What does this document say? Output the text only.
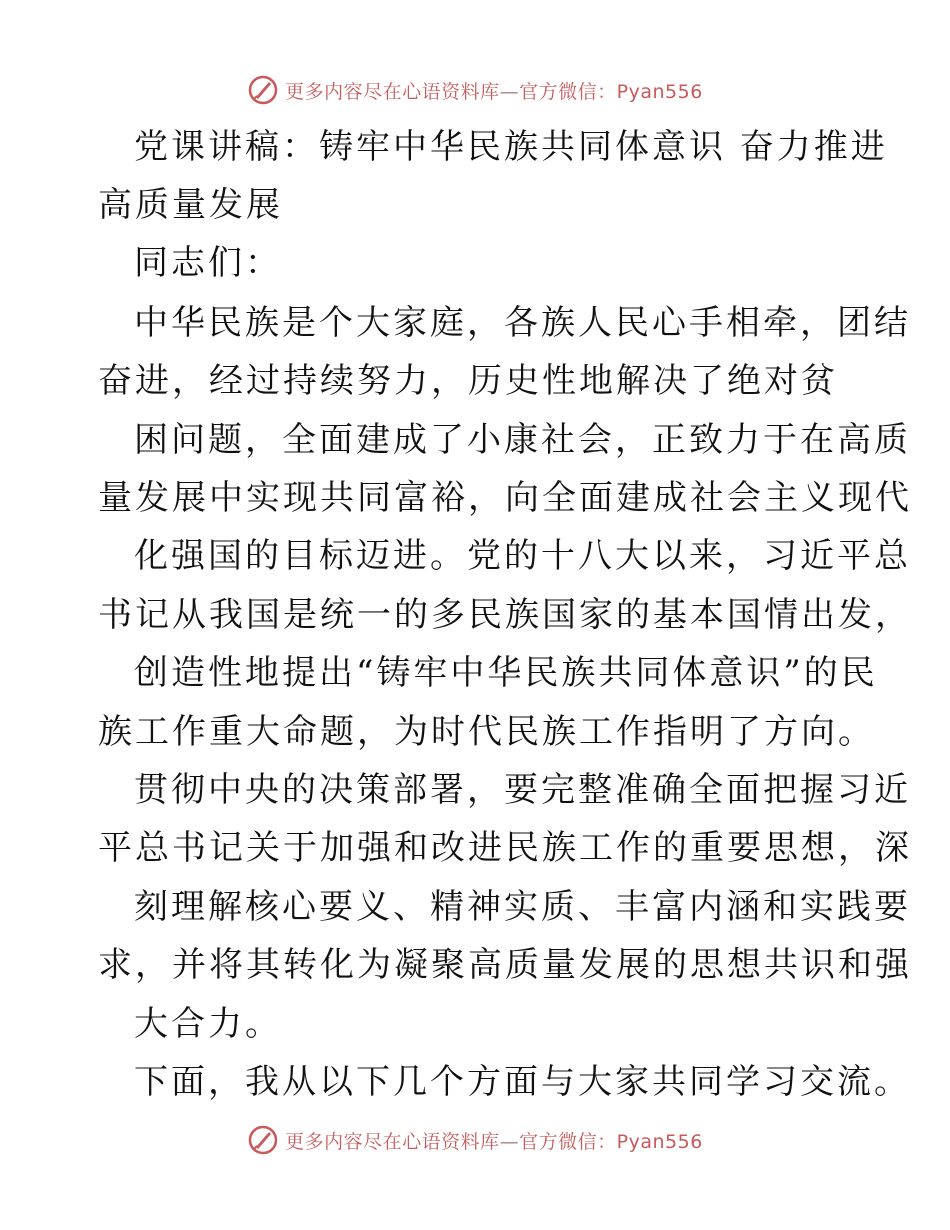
更多内容尽在心语资料库—官方微信：Pyan556
党课讲稿：铸牢中华民族共同体意识 奋力推进
高质量发展
同志们：
中华民族是个大家庭，各族人民心手相牵，团结
奋进，经过持续努力，历史性地解决了绝对贫
困问题，全面建成了小康社会，正致力于在高质
量发展中实现共同富裕，向全面建成社会主义现代
化强国的目标迈进。党的十八大以来，习近平总
书记从我国是统一的多民族国家的基本国情出发，
创造性地提出“铸牢中华民族共同体意识”的民
族工作重大命题，为时代民族工作指明了方向。
贯彻中央的决策部署，要完整准确全面把握习近
平总书记关于加强和改进民族工作的重要思想，深
刻理解核心要义、精神实质、丰富内涵和实践要
求，并将其转化为凝聚高质量发展的思想共识和强
大合力。
下面，我从以下几个方面与大家共同学习交流。
更多内容尽在心语资料库—官方微信：Pyan556
